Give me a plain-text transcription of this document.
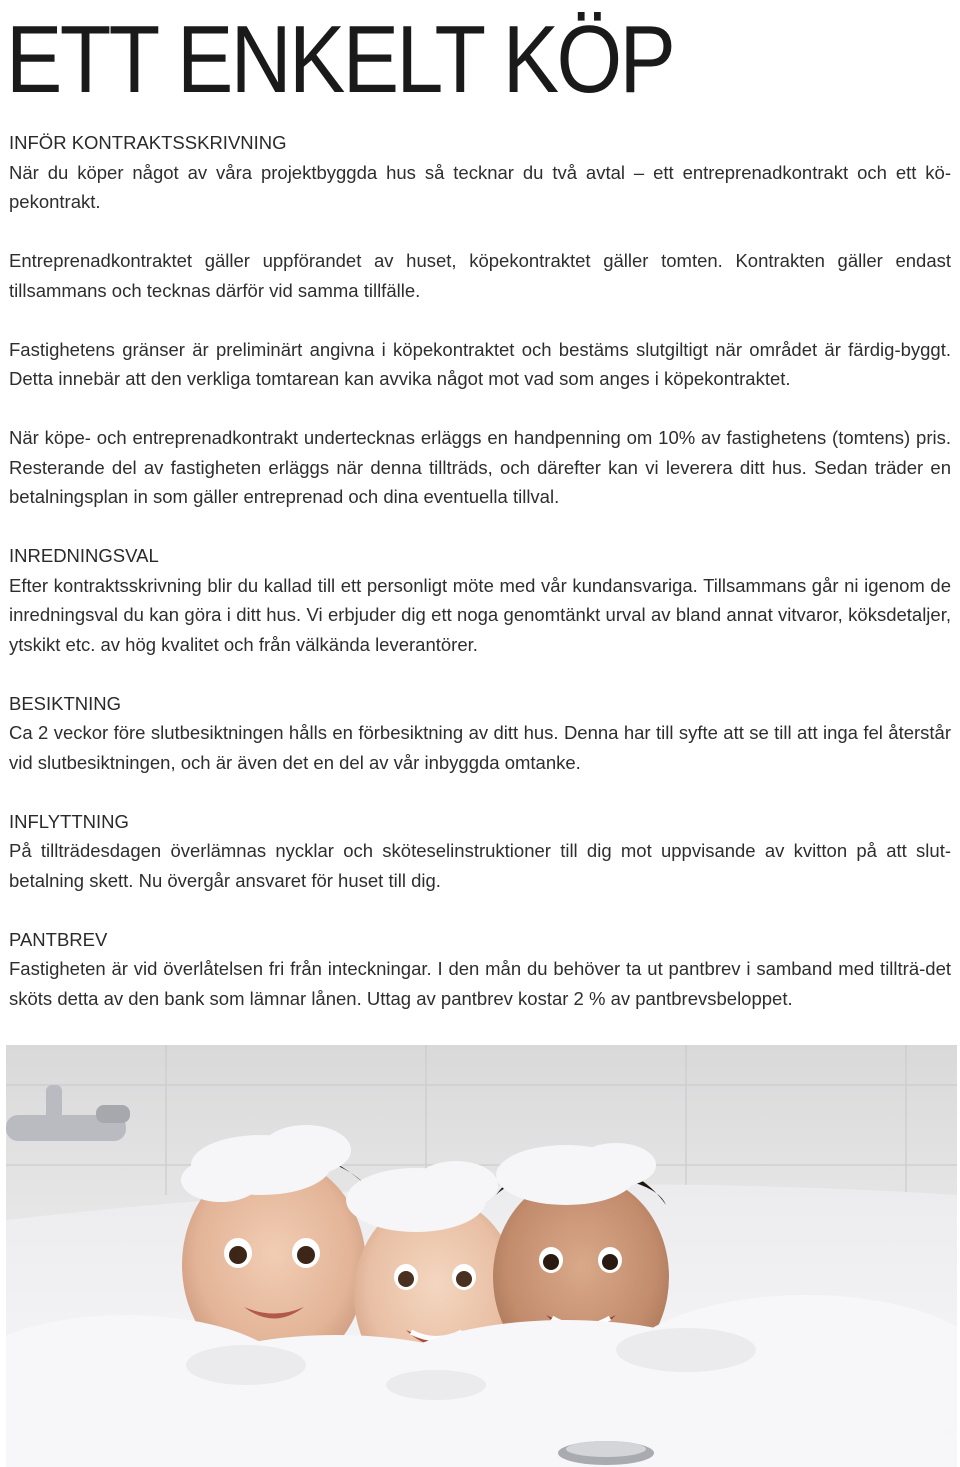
ETT ENKELT KÖP
INFÖR KONTRAKTSSKRIVNING

När du köper något av våra projektbyggda hus så tecknar du två avtal – ett entreprenadkontrakt och ett kö-pekontrakt.

Entreprenadkontraktet gäller uppförandet av huset, köpekontraktet gäller tomten. Kontrakten gäller endast tillsammans och tecknas därför vid samma tillfälle.

Fastighetens gränser är preliminärt angivna i köpekontraktet och bestäms slutgiltigt när området är färdig-byggt. Detta innebär att den verkliga tomtarean kan avvika något mot vad som anges i köpekontraktet.

När köpe- och entreprenadkontrakt undertecknas erläggs en handpenning om 10% av fastighetens (tomtens) pris. Resterande del av fastigheten erläggs när denna tillträds, och därefter kan vi leverera ditt hus. Sedan träder en betalningsplan in som gäller entreprenad och dina eventuella tillval.

INREDNINGSVAL

Efter kontraktsskrivning blir du kallad till ett personligt möte med vår kundansvariga. Tillsammans går ni igenom de inredningsval du kan göra i ditt hus. Vi erbjuder dig ett noga genomtänkt urval av bland annat vitvaror, köksdetaljer, ytskikt etc. av hög kvalitet och från välkända leverantörer.

BESIKTNING

Ca 2 veckor före slutbesiktningen hålls en förbesiktning av ditt hus. Denna har till syfte att se till att inga fel återstår vid slutbesiktningen, och är även det en del av vår inbyggda omtanke.

INFLYTTNING

På tillträdesdagen överlämnas nycklar och sköteselinstruktioner till dig mot uppvisande av kvitton på att slut-betalning skett. Nu övergår ansvaret för huset till dig.

PANTBREV

Fastigheten är vid överlåtelsen fri från inteckningar. I den mån du behöver ta ut pantbrev i samband med tillträ-det sköts detta av den bank som lämnar lånen. Uttag av pantbrev kostar 2 % av pantbrevsbeloppet.
